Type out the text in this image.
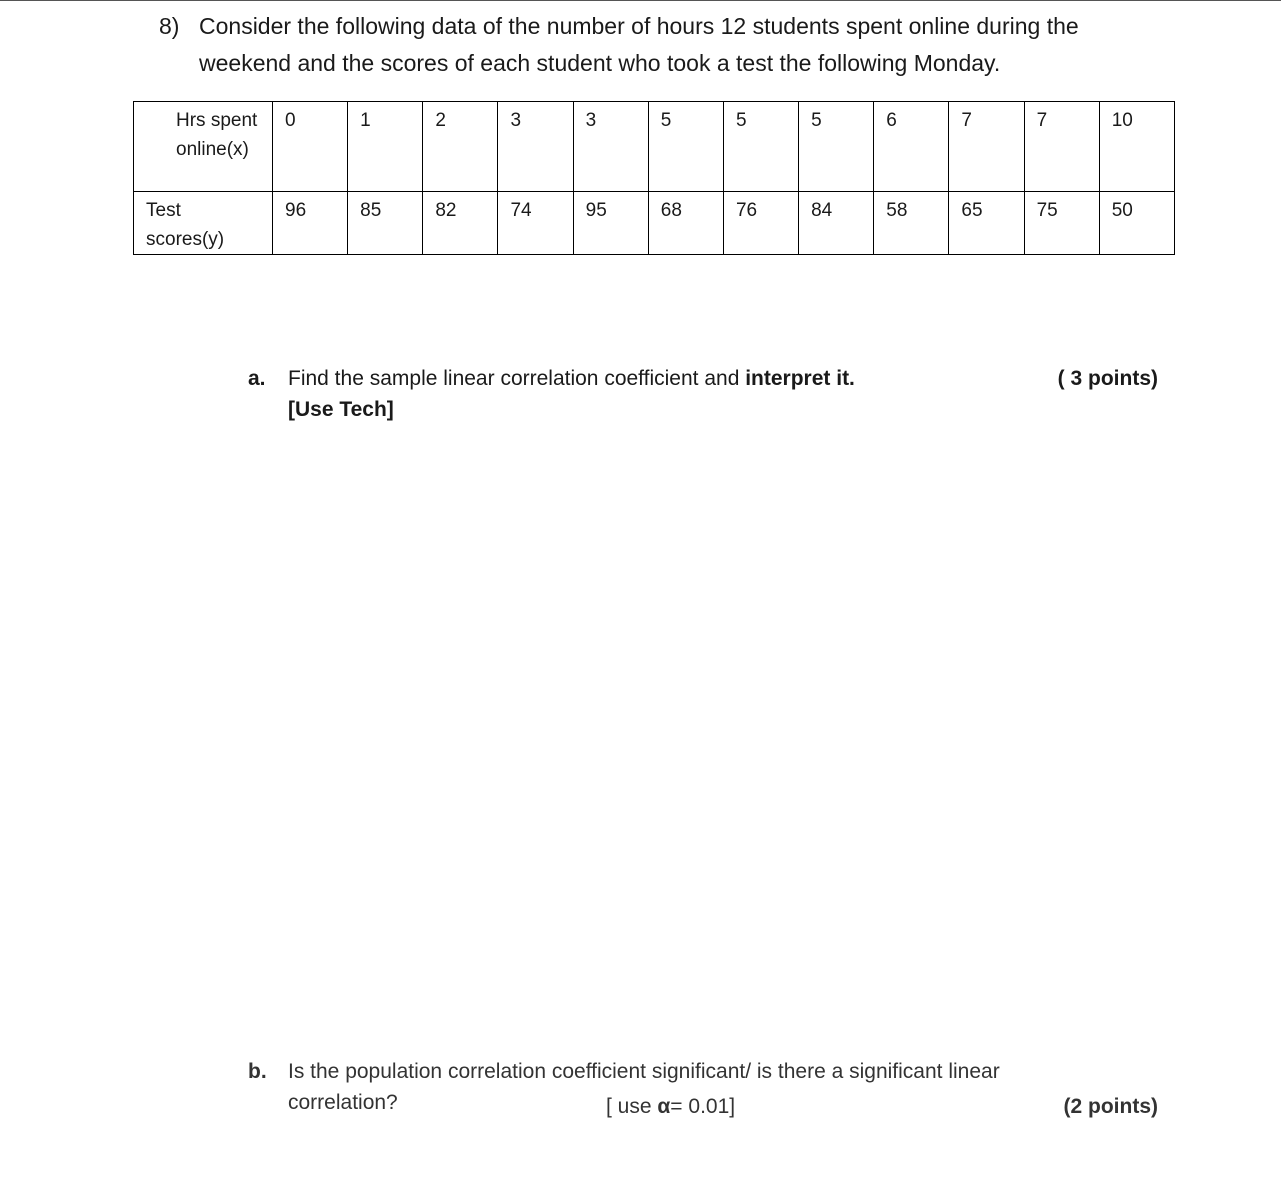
8) Consider the following data of the number of hours 12 students spent online during the weekend and the scores of each student who took a test the following Monday.
Hrs spent online(x)	0	1	2	3	3	5	5	5	6	7	7	10
Test scores(y)	96	85	82	74	95	68	76	84	58	65	75	50
a. Find the sample linear correlation coefficient and interpret it.
[Use Tech]
( 3 points)
b. Is the population correlation coefficient significant/ is there a significant linear
correlation?	[ use α= 0.01]	(2 points)
